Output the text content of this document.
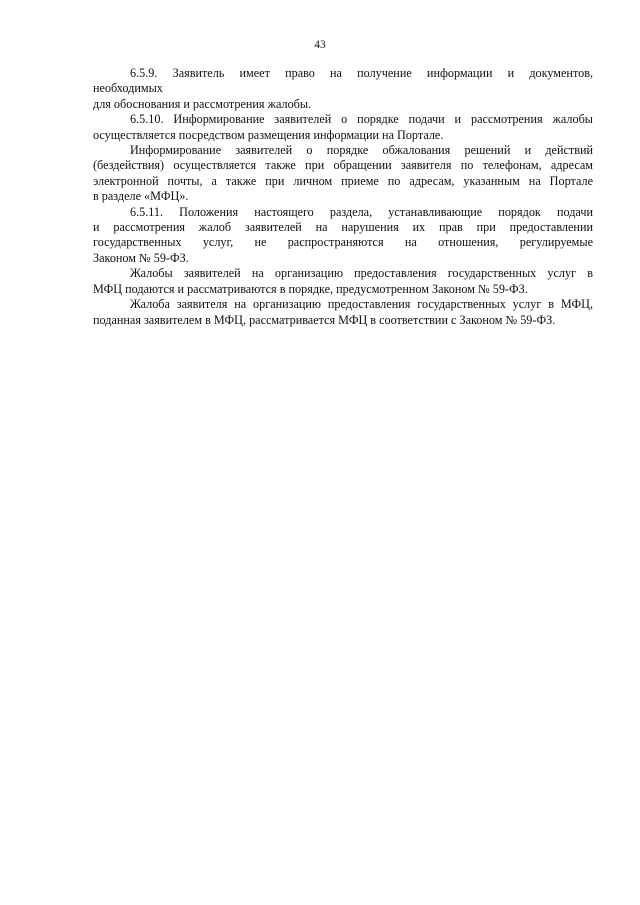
43

6.5.9. Заявитель имеет право на получение информации и документов,
необходимых
для обоснования и рассмотрения жалобы.

6.5.10. Информирование заявителей о порядке подачи и рассмотрения жалобы
осуществляется посредством размещения информации на Портале.

Информирование заявителей о порядке обжалования решений и действий
(бездействия) осуществляется также при обращении заявителя по телефонам, адресам
электронной почты, а также при личном приеме по адресам, указанным на Портале
в разделе «МФЦ».

6.5.11. Положения настоящего раздела, устанавливающие порядок подачи
и рассмотрения жалоб заявителей на нарушения их прав при предоставлении
государственных услуг, не распространяются на отношения, регулируемые
Законом № 59-ФЗ.

Жалобы заявителей на организацию предоставления государственных услуг в
МФЦ подаются и рассматриваются в порядке, предусмотренном Законом № 59-ФЗ.

Жалоба заявителя на организацию предоставления государственных услуг в МФЦ,
поданная заявителем в МФЦ, рассматривается МФЦ в соответствии с Законом № 59-ФЗ.
